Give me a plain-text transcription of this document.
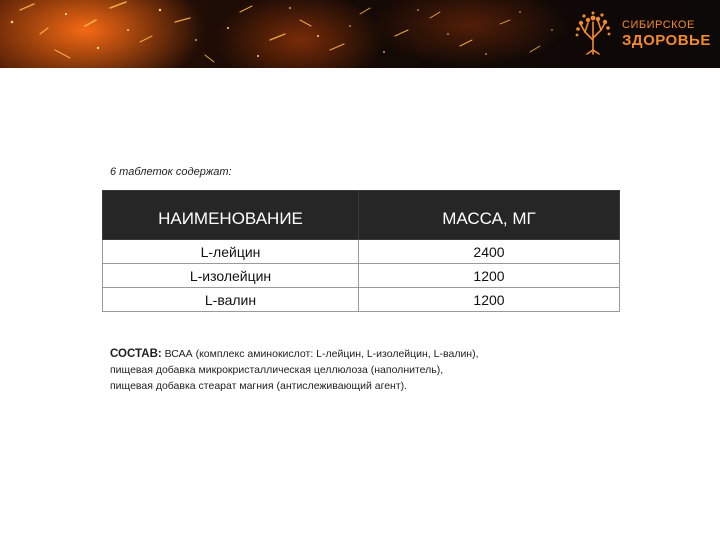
СИБИРСКОЕ
ЗДОРОВЬЕ
6 таблеток содержат:
НАИМЕНОВАНИЕ	МАССА, МГ
L-лейцин	2400
L-изолейцин	1200
L-валин	1200
СОСТАВ: ВСАА (комплекс аминокислот: L-лейцин, L-изолейцин, L-валин),
пищевая добавка микрокристаллическая целлюлоза (наполнитель),
пищевая добавка стеарат магния (антислеживающий агент).
